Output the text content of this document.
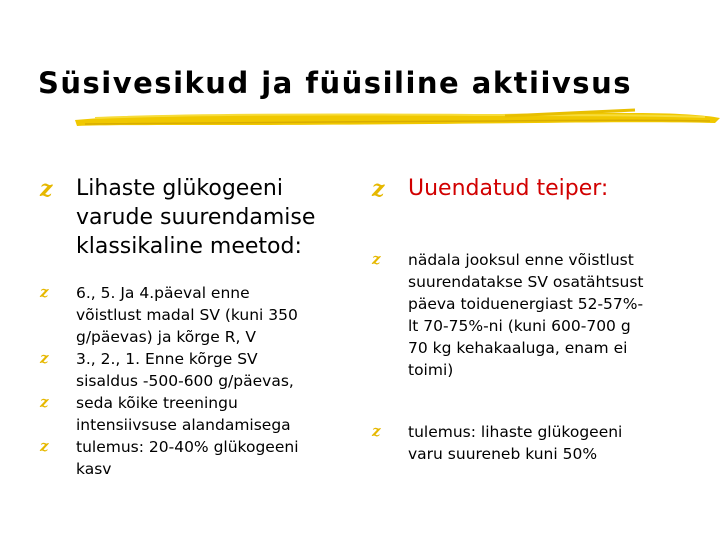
Süsivesikud ja füüsiline aktiivsus
z Lihaste glükogeeni
varude suurendamise
klassikaline meetod:
z 6., 5. Ja 4.päeval enne
võistlust madal SV (kuni 350
g/päevas) ja kõrge R, V
z 3., 2., 1. Enne kõrge SV
sisaldus -500-600 g/päevas,
z seda kõike treeningu
intensiivsuse alandamisega
z tulemus: 20-40% glükogeeni
kasv
z Uuendatud teiper:
z nädala jooksul enne võistlust
suurendatakse SV osatähtsust
päeva toiduenergiast 52-57%-
lt 70-75%-ni (kuni 600-700 g
70 kg kehakaaluga, enam ei
toimi)
z tulemus: lihaste glükogeeni
varu suureneb kuni 50%
